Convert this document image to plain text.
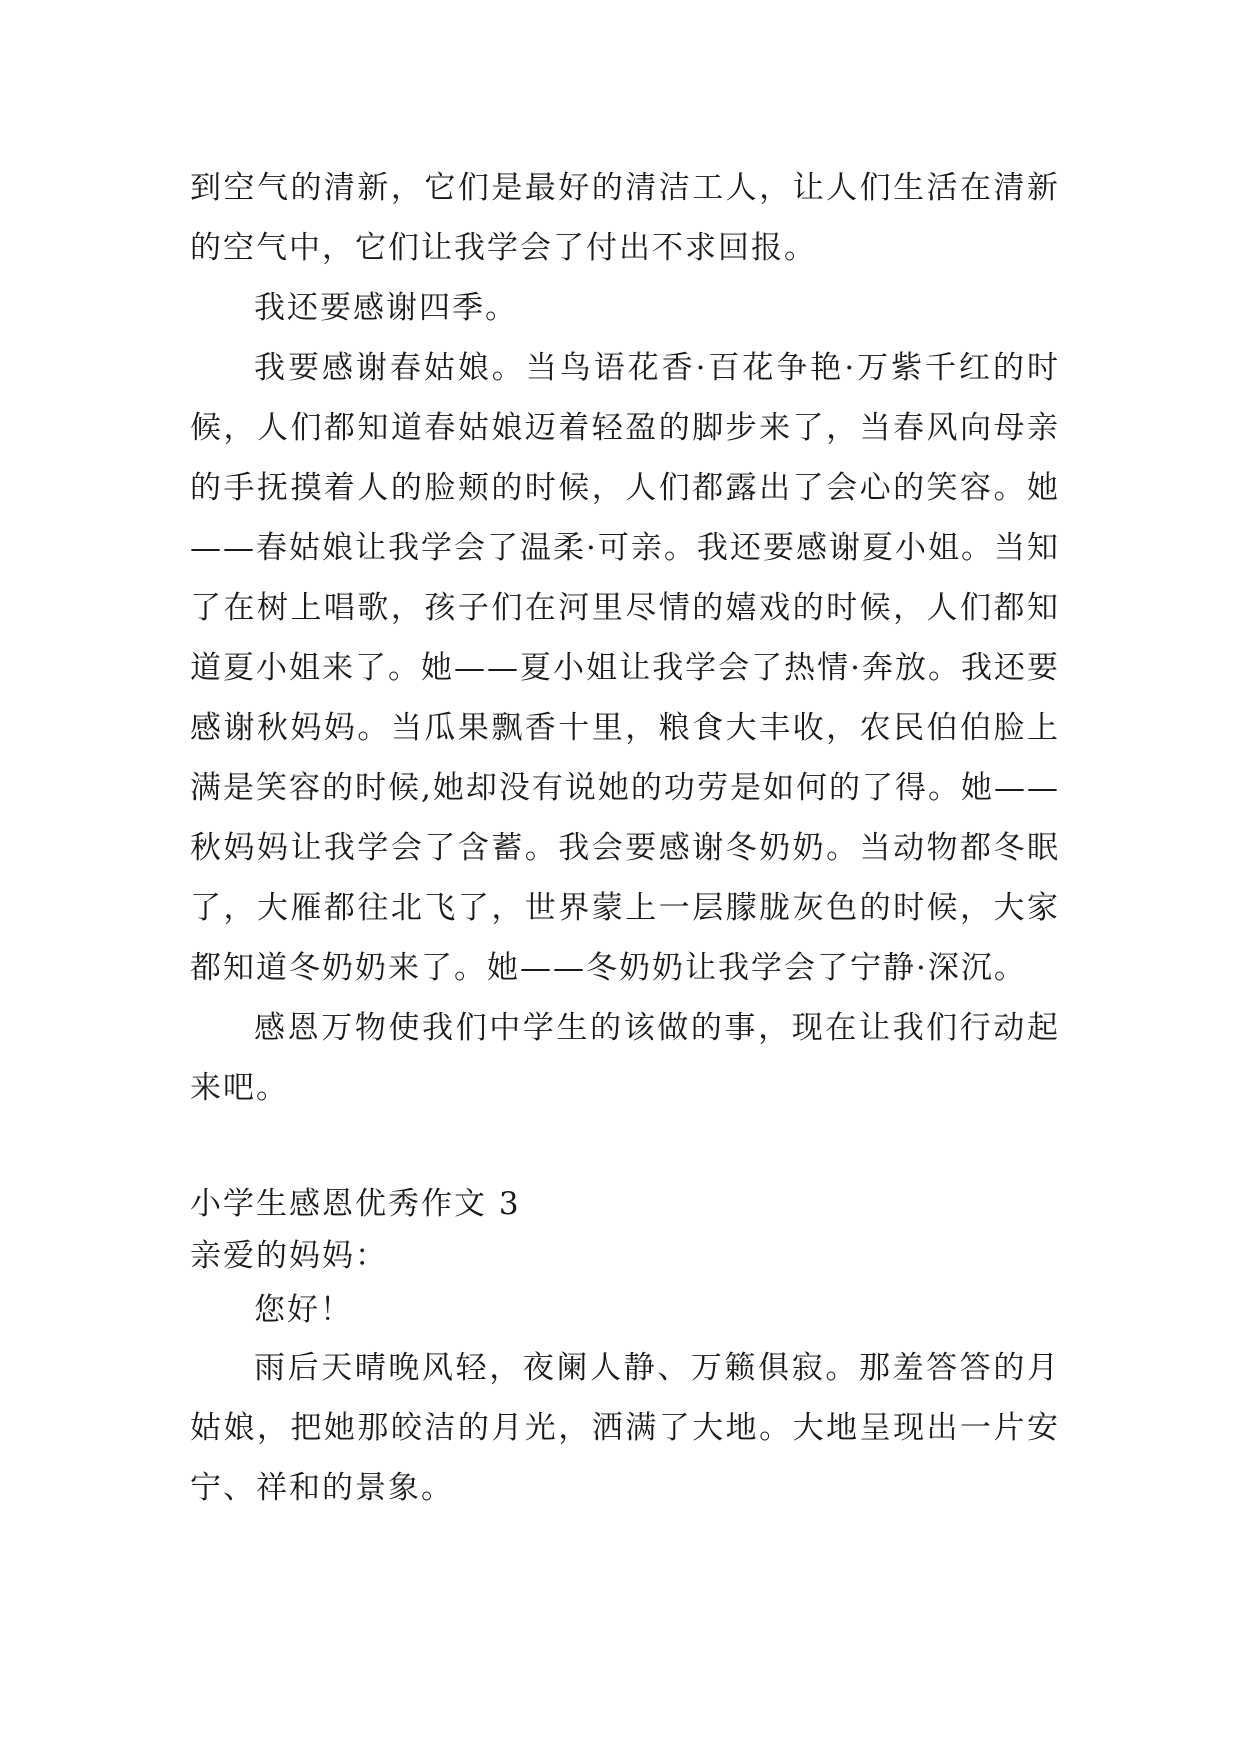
到空气的清新，它们是最好的清洁工人，让人们生活在清新的空气中，它们让我学会了付出不求回报。

我还要感谢四季。

我要感谢春姑娘。当鸟语花香·百花争艳·万紫千红的时候，人们都知道春姑娘迈着轻盈的脚步来了，当春风向母亲的手抚摸着人的脸颊的时候，人们都露出了会心的笑容。她——春姑娘让我学会了温柔·可亲。我还要感谢夏小姐。当知了在树上唱歌，孩子们在河里尽情的嬉戏的时候，人们都知道夏小姐来了。她——夏小姐让我学会了热情·奔放。我还要感谢秋妈妈。当瓜果飘香十里，粮食大丰收，农民伯伯脸上满是笑容的时候,她却没有说她的功劳是如何的了得。她——秋妈妈让我学会了含蓄。我会要感谢冬奶奶。当动物都冬眠了，大雁都往北飞了，世界蒙上一层朦胧灰色的时候，大家都知道冬奶奶来了。她——冬奶奶让我学会了宁静·深沉。

感恩万物使我们中学生的该做的事，现在让我们行动起来吧。

小学生感恩优秀作文 3

亲爱的妈妈：

您好！

雨后天晴晚风轻，夜阑人静、万籁俱寂。那羞答答的月姑娘，把她那皎洁的月光，洒满了大地。大地呈现出一片安宁、祥和的景象。
